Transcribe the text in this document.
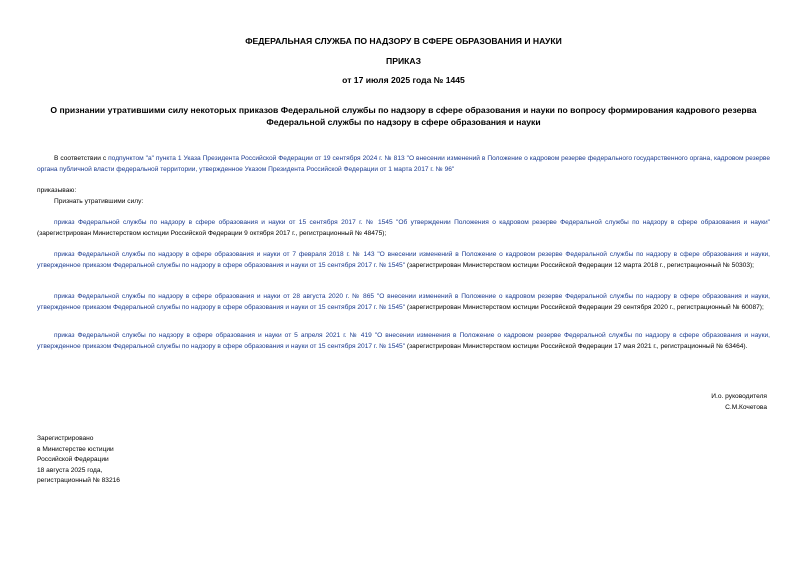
ФЕДЕРАЛЬНАЯ СЛУЖБА ПО НАДЗОРУ В СФЕРЕ ОБРАЗОВАНИЯ И НАУКИ
ПРИКАЗ
от 17 июля 2025 года № 1445
О признании утратившими силу некоторых приказов Федеральной службы по надзору в сфере образования и науки по вопросу формирования кадрового резерва Федеральной службы по надзору в сфере образования и науки
В соответствии с подпунктом "а" пункта 1 Указа Президента Российской Федерации от 19 сентября 2024 г. № 813 "О внесении изменений в Положение о кадровом резерве федерального государственного органа, кадровом резерве органа публичной власти федеральной территории, утвержденное Указом Президента Российской Федерации от 1 марта 2017 г. № 96"
приказываю:
Признать утратившими силу:
приказ Федеральной службы по надзору в сфере образования и науки от 15 сентября 2017 г. № 1545 "Об утверждении Положения о кадровом резерве Федеральной службы по надзору в сфере образования и науки" (зарегистрирован Министерством юстиции Российской Федерации 9 октября 2017 г., регистрационный № 48475);
приказ Федеральной службы по надзору в сфере образования и науки от 7 февраля 2018 г. № 143 "О внесении изменений в Положение о кадровом резерве Федеральной службы по надзору в сфере образования и науки, утвержденное приказом Федеральной службы по надзору в сфере образования и науки от 15 сентября 2017 г. № 1545" (зарегистрирован Министерством юстиции Российской Федерации 12 марта 2018 г., регистрационный № 50303);
приказ Федеральной службы по надзору в сфере образования и науки от 28 августа 2020 г. № 865 "О внесении изменений в Положение о кадровом резерве Федеральной службы по надзору в сфере образования и науки, утвержденное приказом Федеральной службы по надзору в сфере образования и науки от 15 сентября 2017 г. № 1545" (зарегистрирован Министерством юстиции Российской Федерации 29 сентября 2020 г., регистрационный № 60087);
приказ Федеральной службы по надзору в сфере образования и науки от 5 апреля 2021 г. № 419 "О внесении изменения в Положение о кадровом резерве Федеральной службы по надзору в сфере образования и науки, утвержденное приказом Федеральной службы по надзору в сфере образования и науки от 15 сентября 2017 г. № 1545" (зарегистрирован Министерством юстиции Российской Федерации 17 мая 2021 г., регистрационный № 63464).
И.о. руководителя
С.М.Кочетова
Зарегистрировано
в Министерстве юстиции
Российской Федерации
18 августа 2025 года,
регистрационный № 83216
